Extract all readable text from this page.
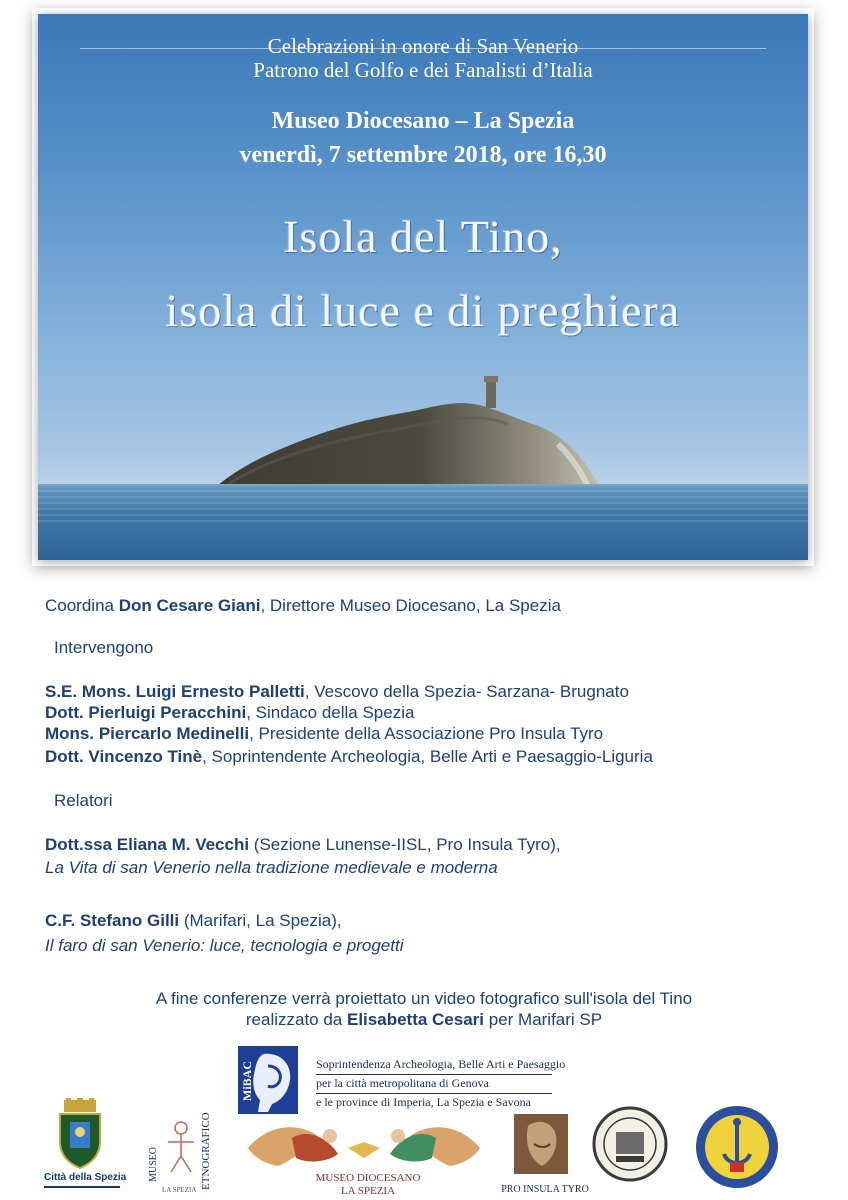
Celebrazioni in onore di San Venerio
Patrono del Golfo e dei Fanalisti d’Italia
Museo Diocesano – La Spezia
venerdì, 7 settembre 2018, ore 16,30
Isola del Tino,
isola di luce e di preghiera
Coordina Don Cesare Giani, Direttore Museo Diocesano, La Spezia
Intervengono
S.E. Mons. Luigi Ernesto Palletti, Vescovo della Spezia- Sarzana- Brugnato
Dott. Pierluigi Peracchini, Sindaco della Spezia
Mons. Piercarlo Medinelli, Presidente della Associazione Pro Insula Tyro
Dott. Vincenzo Tinè, Soprintendente Archeologia, Belle Arti e Paesaggio-Liguria
Relatori
Dott.ssa Eliana M. Vecchi (Sezione Lunense-IISL, Pro Insula Tyro),
La Vita di san Venerio nella tradizione medievale e moderna
C.F. Stefano Gilli (Marifari, La Spezia),
Il faro di san Venerio: luce, tecnologia e progetti
A fine conferenze verrà proiettato un video fotografico sull'isola del Tino
realizzato da Elisabetta Cesari per Marifari SP
MiBAC	Soprintendenza Archeologia, Belle Arti e Paesaggio
per la città metropolitana di Genova
e le province di Imperia, La Spezia e Savona
Città della Spezia MUSEO	ETNOGRAFICO
LA SPEZIA
MUSEO DIOCESANO
LA SPEZIA	PRO INSULA TYRO
